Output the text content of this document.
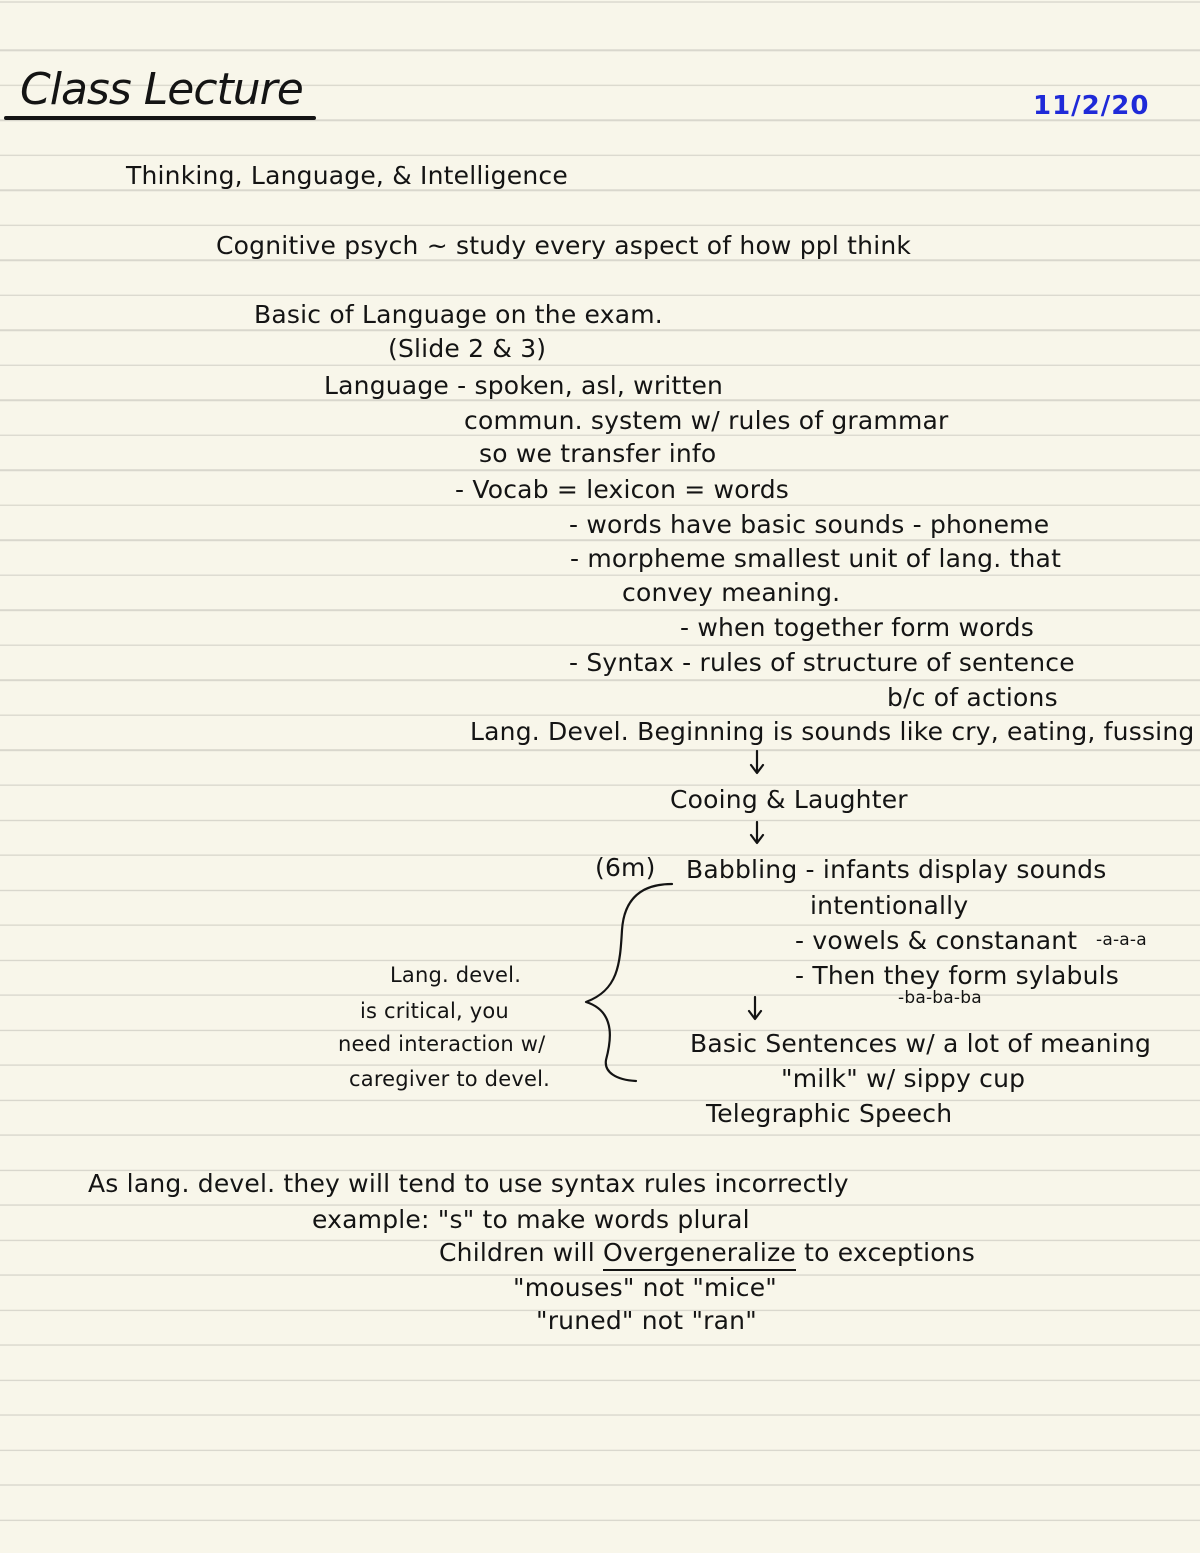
Class Lecture	11/2/20
Thinking, Language, & Intelligence
Cognitive psych ~ study every aspect of how ppl think
Basic of Language on the exam.
(Slide 2 & 3)
Language - spoken, asl, written
commun. system w/ rules of grammar
so we transfer info
- Vocab = lexicon = words
- words have basic sounds - phoneme
- morpheme smallest unit of lang. that
convey meaning.
- when together form words
- Syntax - rules of structure of sentence
b/c of actions
Lang. Devel. Beginning is sounds like cry, eating, fussing
Cooing & Laughter
(6m) Babbling - infants display sounds
intentionally
- vowels & constanant -a-a-a
- Then they form sylabuls
-ba-ba-ba
Lang. devel.
is critical, you
need interaction w/
caregiver to devel.
Basic Sentences w/ a lot of meaning
"milk" w/ sippy cup
Telegraphic Speech
As lang. devel. they will tend to use syntax rules incorrectly
example: "s" to make words plural
Children will Overgeneralize to exceptions
"mouses" not "mice"
"runed" not "ran"
